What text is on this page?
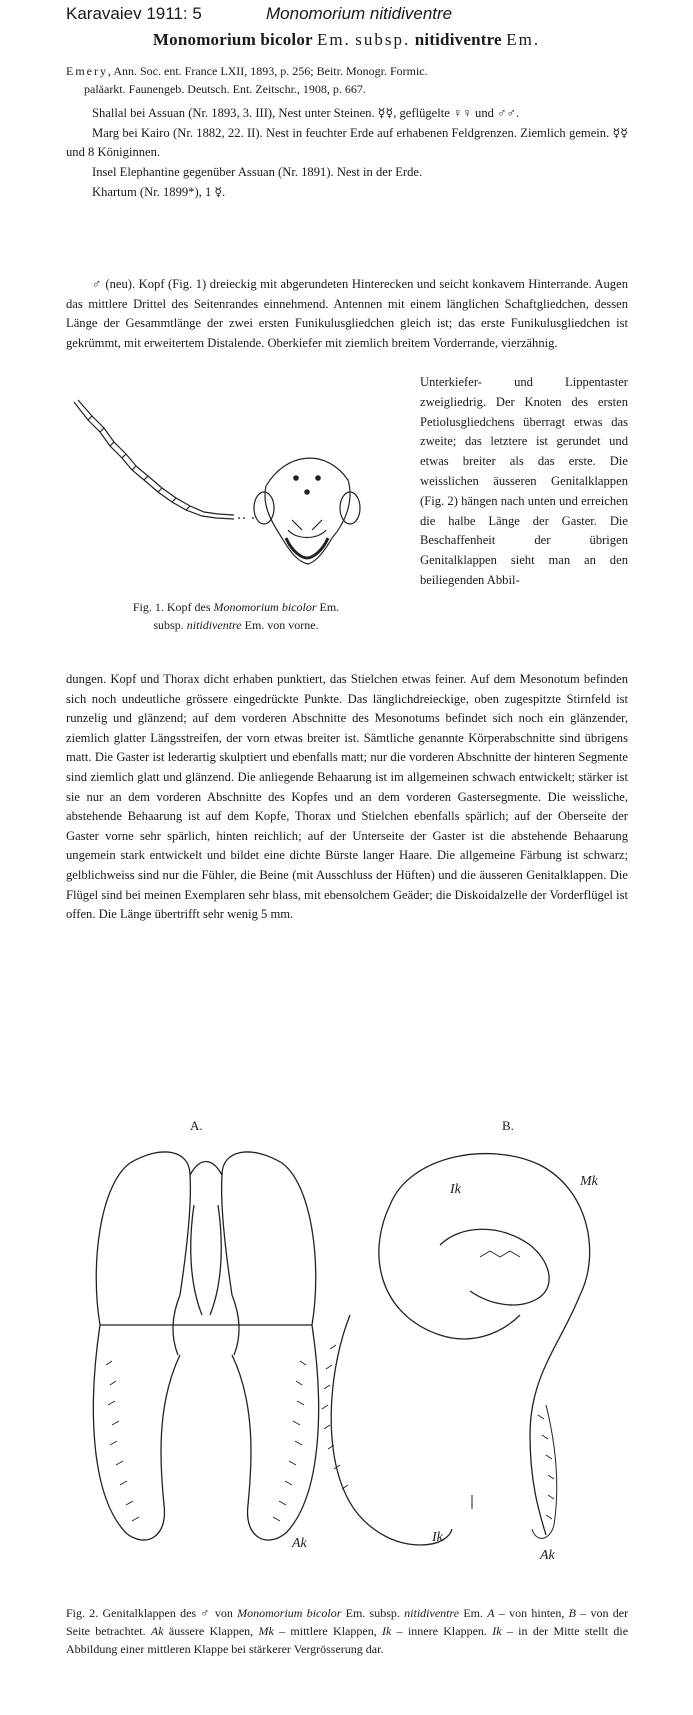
Karavaiev 1911: 5	Monomorium nitidiventre
Monomorium bicolor Em. subsp. nitidiventre Em.
Emery, Ann. Soc. ent. France LXII, 1893, p. 256; Beitr. Monogr. Formic.
paläarkt. Faunengeb. Deutsch. Ent. Zeitschr., 1908, p. 667.

Shallal bei Assuan (Nr. 1893, 3. III), Nest unter Steinen. ☿☿, geflügelte ♀♀ und ♂♂.

Marg bei Kairo (Nr. 1882, 22. II). Nest in feuchter Erde auf erhabenen Feldgrenzen. Ziemlich gemein. ☿☿ und 8 Königinnen.

Insel Elephantine gegenüber Assuan (Nr. 1891). Nest in der Erde.

Khartum (Nr. 1899*), 1 ☿.

♂ (neu). Kopf (Fig. 1) dreieckig mit abgerundeten Hinterecken und seicht konkavem Hinterrande. Augen das mittlere Drittel des Seitenrandes einnehmend. Antennen mit einem länglichen Schaftgliedchen, dessen Länge der Gesammtlänge der zwei ersten Funikulusgliedchen gleich ist; das erste Funikulusgliedchen ist gekrümmt, mit erweitertem Distalende. Oberkiefer mit ziemlich breitem Vorderrande, vierzähnig.

Unterkiefer- und Lippentaster zweigliedrig. Der Knoten des ersten Petiolusgliedchens überragt etwas das zweite; das letztere ist gerundet und etwas breiter als das erste. Die weisslichen äusseren Genitalklappen (Fig. 2) hängen nach unten und erreichen die halbe Länge der Gaster. Die Beschaffenheit der übrigen Genitalklappen sieht man an den beiliegenden Abbil-

Fig. 1. Kopf des Monomorium bicolor Em.
subsp. nitidiventre Em. von vorne.

dungen. Kopf und Thorax dicht erhaben punktiert, das Stielchen etwas feiner. Auf dem Mesonotum befinden sich noch undeutliche grössere eingedrückte Punkte. Das länglichdreieckige, oben zugespitzte Stirnfeld ist runzelig und glänzend; auf dem vorderen Abschnitte des Mesonotums befindet sich noch ein glänzender, ziemlich glatter Längsstreifen, der vorn etwas breiter ist. Sämtliche genannte Körperabschnitte sind übrigens matt. Die Gaster ist lederartig skulptiert und ebenfalls matt; nur die vorderen Abschnitte der hinteren Segmente sind ziemlich glatt und glänzend. Die anliegende Behaarung ist im allgemeinen schwach entwickelt; stärker ist sie nur an dem vorderen Abschnitte des Kopfes und an dem vorderen Gastersegmente. Die weissliche, abstehende Behaarung ist auf dem Kopfe, Thorax und Stielchen ebenfalls spärlich; auf der Oberseite der Gaster vorne sehr spärlich, hinten reichlich; auf der Unterseite der Gaster ist die abstehende Behaarung ungemein stark entwickelt und bildet eine dichte Bürste langer Haare. Die allgemeine Färbung ist schwarz; gelblichweiss sind nur die Fühler, die Beine (mit Ausschluss der Hüften) und die äusseren Genitalklappen. Die Flügel sind bei meinen Exemplaren sehr blass, mit ebensolchem Geäder; die Diskoidalzelle der Vorderflügel ist offen. Die Länge übertrifft sehr wenig 5 mm.

A.	B.
Ik
Mk
Ak	Ik
Ak
Fig. 2. Genitalklappen des ♂ von Monomorium bicolor Em. subsp. nitidiventre Em. A – von hinten, B – von der Seite betrachtet. Ak äussere Klappen, Mk – mittlere Klappen, Ik – innere Klappen. Ik – in der Mitte stellt die Abbildung einer mittleren Klappe bei stärkerer Vergrösserung dar.
